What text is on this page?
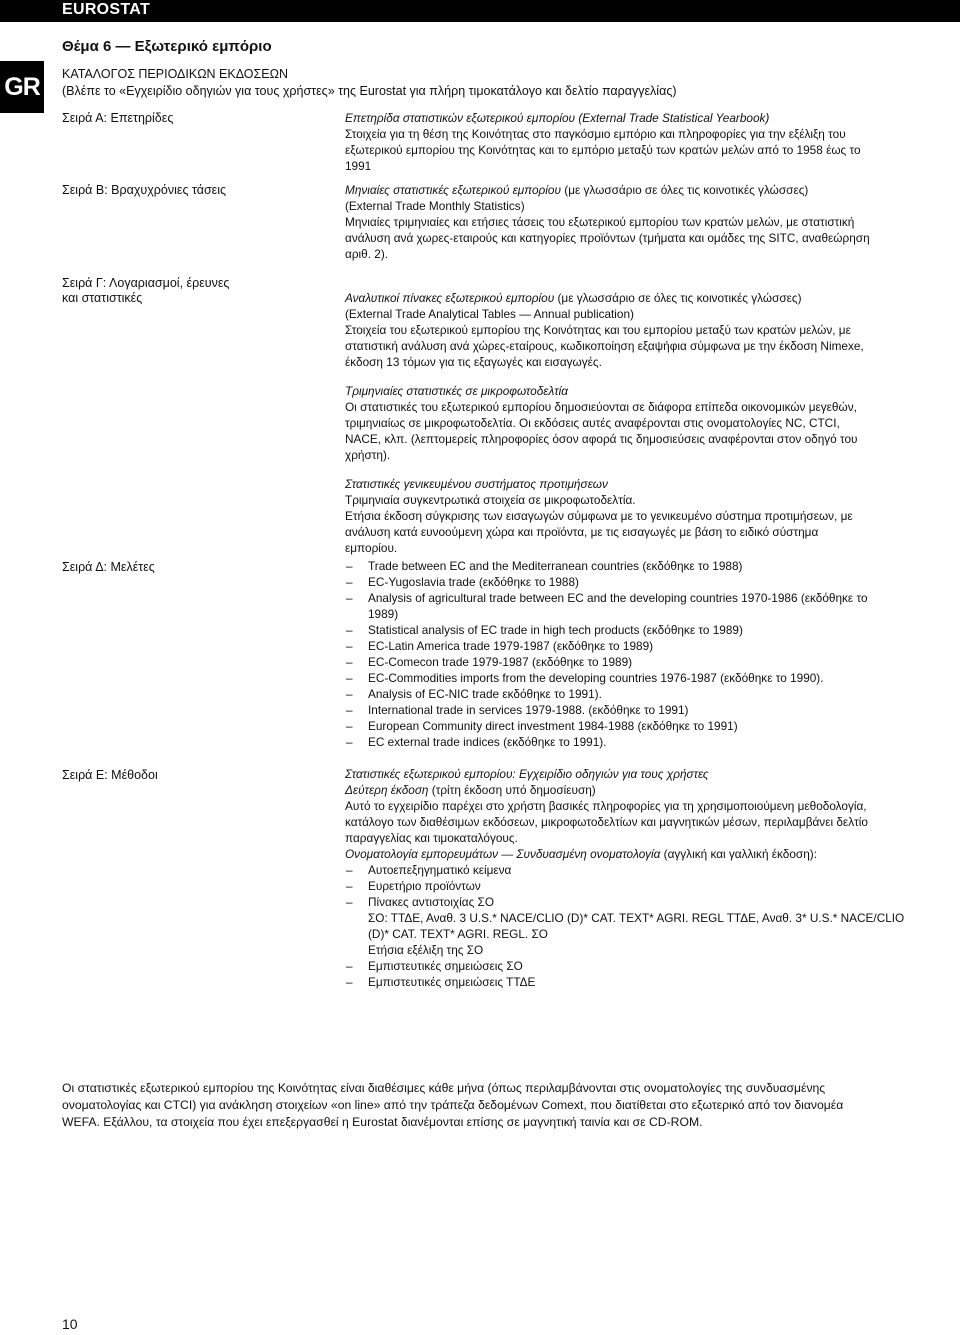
EUROSTAT
GR
Θέμα 6 — Εξωτερικό εμπόριο
ΚΑΤΑΛΟΓΟΣ ΠΕΡΙΟΔΙΚΩΝ ΕΚΔΟΣΕΩΝ
(Βλέπε το «Εγχειρίδιο οδηγιών για τους χρήστες» της Eurostat για πλήρη τιμοκατάλογο και δελτίο παραγγελίας)
Σειρά Α: Επετηρίδες	Επετηρίδα στατιστικών εξωτερικού εμπορίου (External Trade Statistical Yearbook)

Στοιχεία για τη θέση της Κοινότητας στο παγκόσμιο εμπόριο και πληροφορίες για την εξέλιξη του

εξωτερικού εμπορίου της Κοινότητας και το εμπόριο μεταξύ των κρατών μελών από το 1958 έως το

1991

Σειρά Β: Βραχυχρόνιες τάσεις	Μηνιαίες στατιστικές εξωτερικού εμπορίου (με γλωσσάριο σε όλες τις κοινοτικές γλώσσες)

(External Trade Monthly Statistics)

Μηνιαίες τριμηνιαίες και ετήσιες τάσεις του εξωτερικού εμπορίου των κρατών μελών, με στατιστική

ανάλυση ανά χωρες-εταιρούς και κατηγορίες προϊόντων (τμήματα και ομάδες της SITC, αναθεώρηση

αριθ. 2).

Σειρά Γ: Λογαριασμοί, έρευνες
και στατιστικές	Αναλυτικοί πίνακες εξωτερικού εμπορίου (με γλωσσάριο σε όλες τις κοινοτικές γλώσσες)

(External Trade Analytical Tables — Annual publication)

Στοιχεία του εξωτερικού εμπορίου της Κοινότητας και του εμπορίου μεταξύ των κρατών μελών, με

στατιστική ανάλυση ανά χώρες-εταίρους, κωδικοποίηση εξαψήφια σύμφωνα με την έκδοση Nimexe,

έκδοση 13 τόμων για τις εξαγωγές και εισαγωγές.

Τριμηνιαίες στατιστικές σε μικροφωτοδελτία

Οι στατιστικές του εξωτερικού εμπορίου δημοσιεύονται σε διάφορα επίπεδα οικονομικών μεγεθών,

τριμηνιαίως σε μικροφωτοδελτία. Οι εκδόσεις αυτές αναφέρονται στις ονοματολογίες NC, CTCI,

NACE, κλπ. (λεπτομερείς πληροφορίες όσον αφορά τις δημοσιεύσεις αναφέρονται στον οδηγό του

χρήστη).

Στατιστικές γενικευμένου συστήματος προτιμήσεων

Τριμηνιαία συγκεντρωτικά στοιχεία σε μικροφωτοδελτία.

Ετήσια έκδοση σύγκρισης των εισαγωγών σύμφωνα με το γενικευμένο σύστημα προτιμήσεων, με

ανάλυση κατά ευνοούμενη χώρα και προϊόντα, με τις εισαγωγές με βάση το ειδικό σύστημα

εμπορίου.

Σειρά Δ: Μελέτες

–	Trade between EC and the Mediterranean countries (εκδόθηκε το 1988)

– EC-Yugoslavia trade (εκδόθηκε το 1988)

– Analysis of agricultural trade between EC and the developing countries 1970-1986 (εκδόθηκε το

1989)

– Statistical analysis of EC trade in high tech products (εκδόθηκε το 1989)

– EC-Latin America trade 1979-1987 (εκδόθηκε το 1989)

– EC-Comecon trade 1979-1987 (εκδόθηκε το 1989)

– EC-Commodities imports from the developing countries 1976-1987 (εκδόθηκε το 1990).

– Analysis of EC-NIC trade εκδόθηκε το 1991).

– International trade in services 1979-1988. (εκδόθηκε το 1991)

– European Community direct investment 1984-1988 (εκδόθηκε το 1991)

– EC external trade indices (εκδόθηκε το 1991).

Σειρά Ε: Μέθοδοι	Στατιστικές εξωτερικού εμπορίου: Εγχειρίδιο οδηγιών για τους χρήστες

Δεύτερη έκδοση (τρίτη έκδοση υπό δημοσίευση)

Αυτό το εγχειρίδιο παρέχει στο χρήστη βασικές πληροφορίες για τη χρησιμοποιούμενη μεθοδολογία,

κατάλογο των διαθέσιμων εκδόσεων, μικροφωτοδελτίων και μαγνητικών μέσων, περιλαμβάνει δελτίο

παραγγελίας και τιμοκαταλόγους.

Ονοματολογία εμπορευμάτων — Συνδυασμένη ονοματολογία (αγγλική και γαλλική έκδοση):

– Αυτοεπεξηγηματικό κείμενα

– Ευρετήριο προϊόντων

– Πίνακες αντιστοιχίας ΣΟ

ΣΟ: ΤΤΔΕ, Αναθ. 3 U.S.* NACE/CLIO (D)* CAT. TEXT* AGRI. REGL ΤΤΔΕ, Αναθ. 3* U.S.* NACE/CLIO

(D)* CAT. TEXT* AGRI. REGL. ΣΟ

Ετήσια εξέλιξη της ΣΟ

– Εμπιστευτικές σημειώσεις ΣΟ

– Εμπιστευτικές σημειώσεις ΤΤΔΕ

Οι στατιστικές εξωτερικού εμπορίου της Κοινότητας είναι διαθέσιμες κάθε μήνα (όπως περιλαμβάνονται στις ονοματολογίες της συνδυασμένης
ονοματολογίας και CTCI) για ανάκληση στοιχείων «on line» από την τράπεζα δεδομένων Comext, που διατίθεται στο εξωτερικό από τον διανομέα
WEFA. Εξάλλου, τα στοιχεία που έχει επεξεργασθεί η Eurostat διανέμονται επίσης σε μαγνητική ταινία και σε CD-ROM.
10
